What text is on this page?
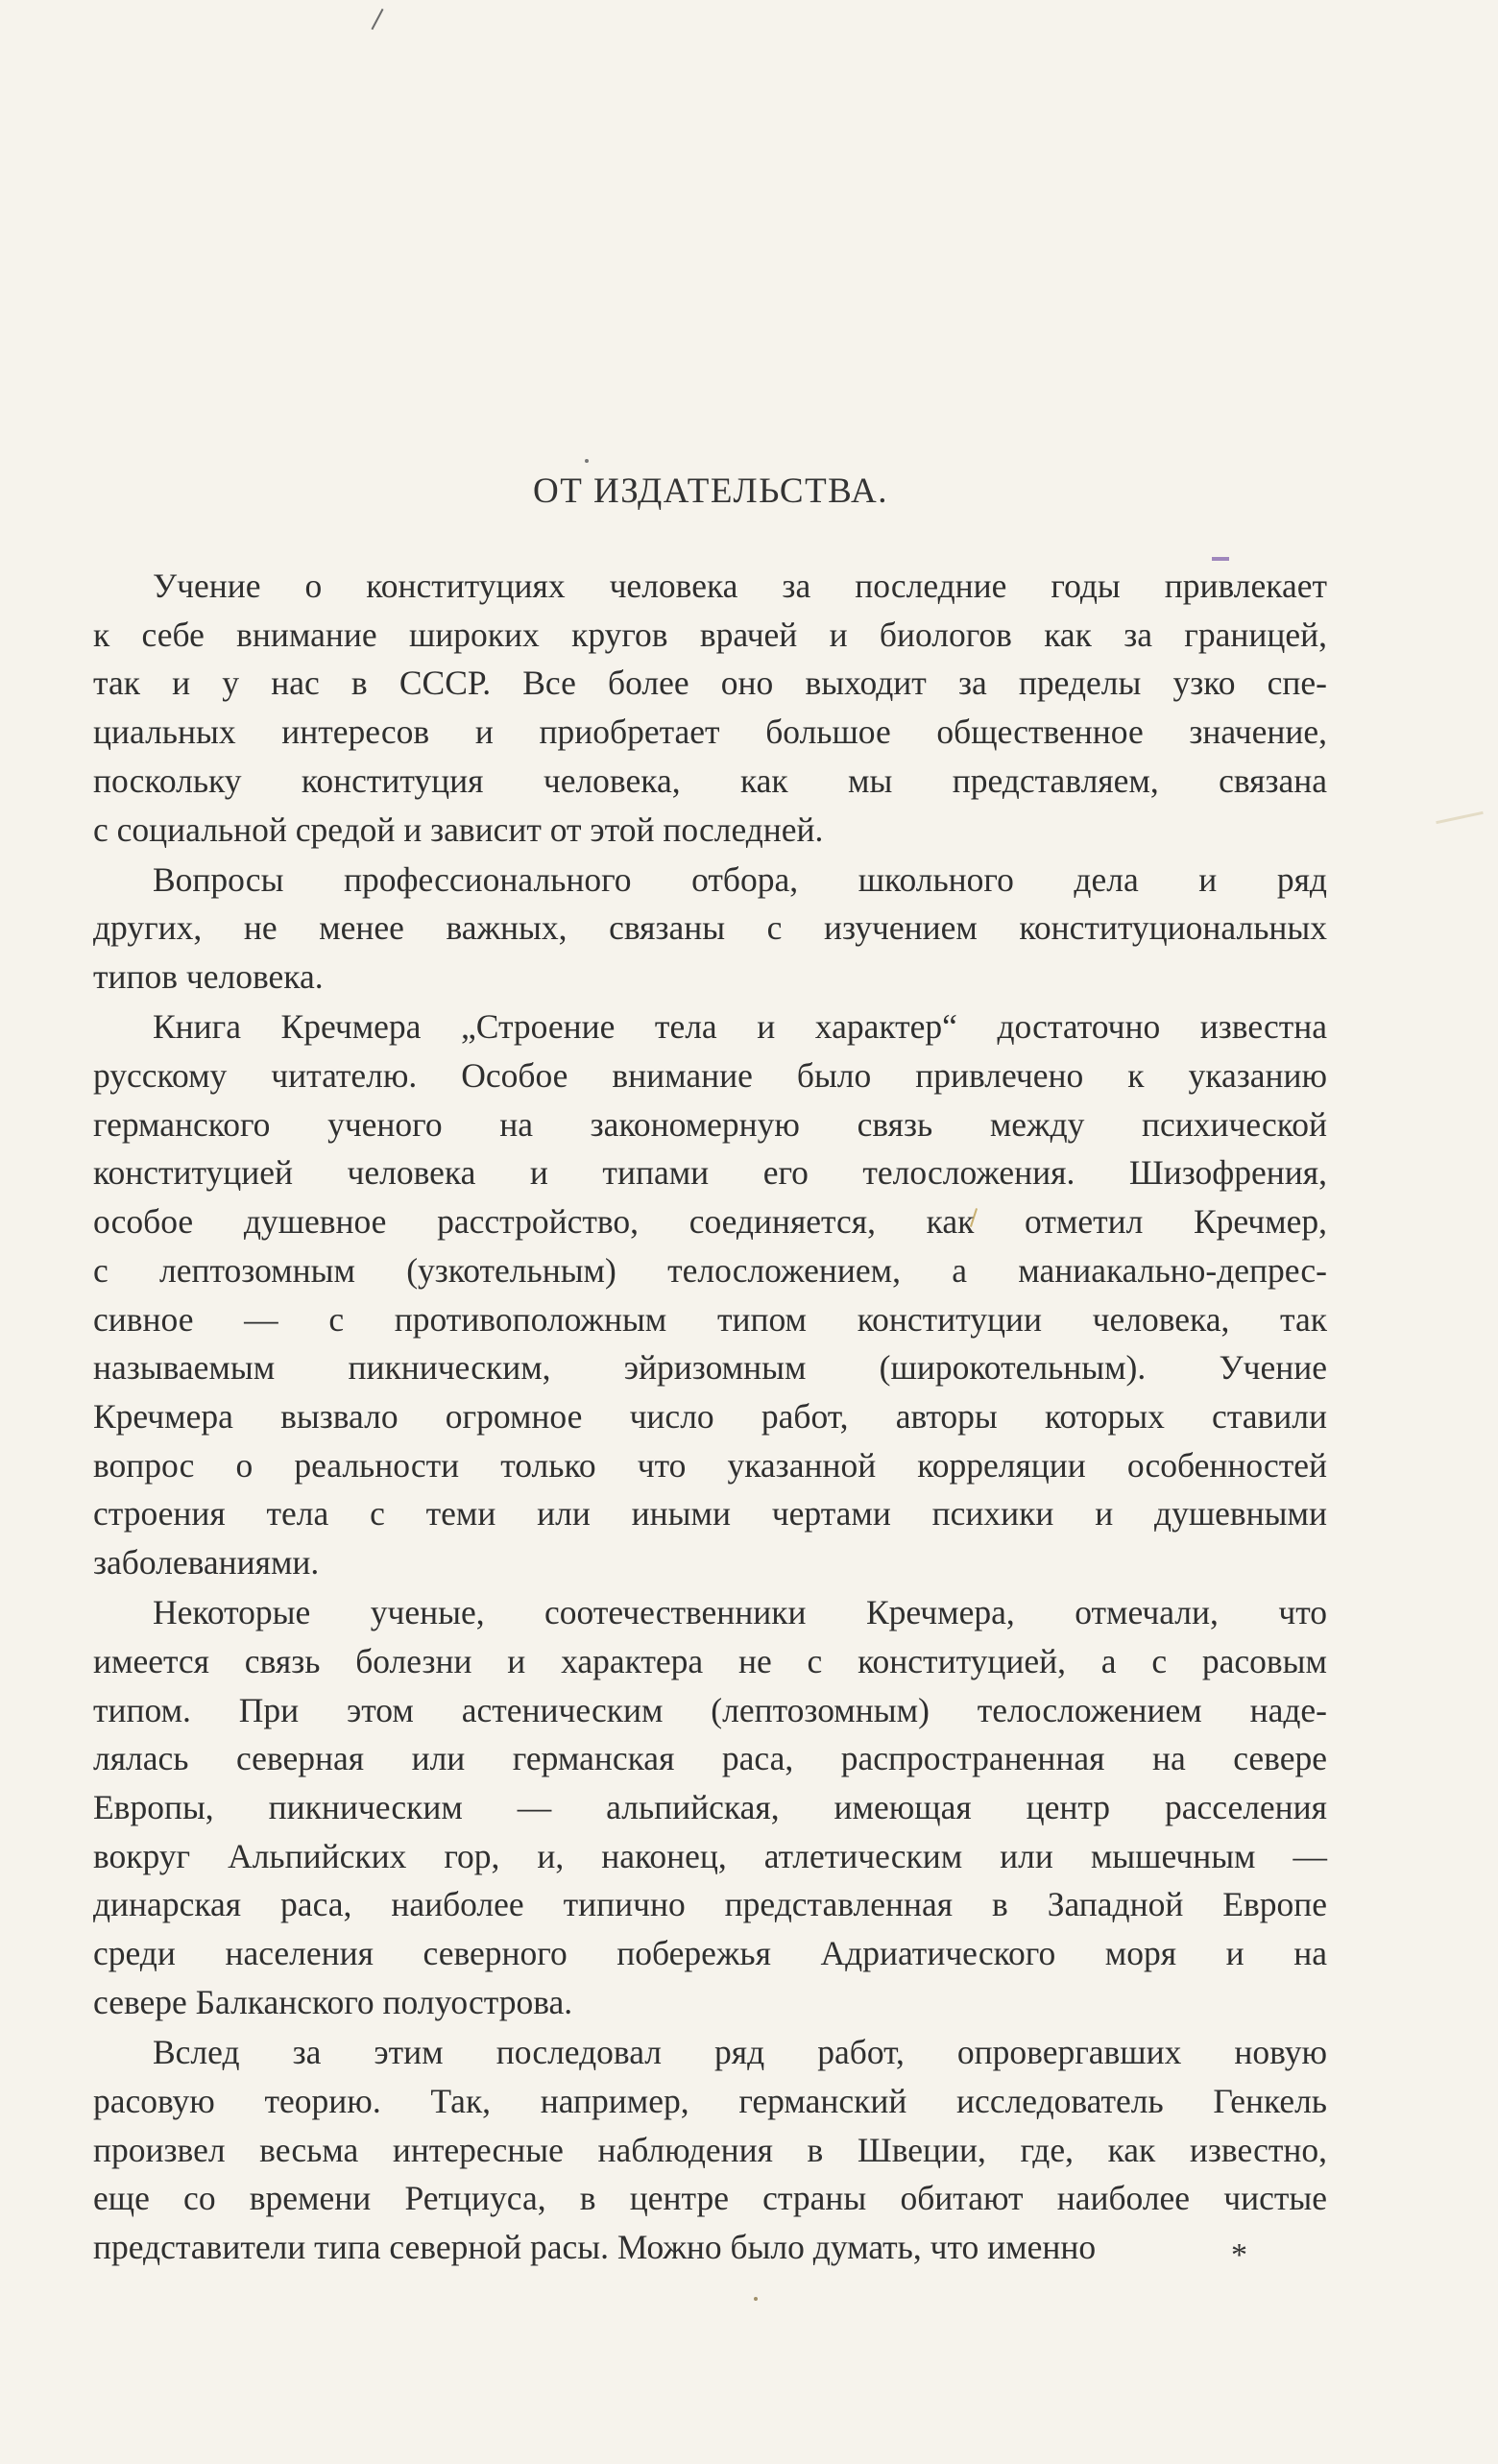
ОТ ИЗДАТЕЛЬСТВА.
Учение о конституциях человека за последние годы привлекает
к себе внимание широких кругов врачей и биологов как за границей,
так и у нас в СССР. Все более оно выходит за пределы узко спе-
циальных интересов и приобретает большое общественное значение,
поскольку конституция человека, как мы представляем, связана
с социальной средой и зависит от этой последней.
Вопросы профессионального отбора, школьного дела и ряд
других, не менее важных, связаны с изучением конституциональных
типов человека.
Книга Кречмера „Строение тела и характер“ достаточно известна
русскому читателю. Особое внимание было привлечено к указанию
германского ученого на закономерную связь между психической
конституцией человека и типами его телосложения. Шизофрения,
особое душевное расстройство, соединяется, как отметил Кречмер,
с лептозомным (узкотельным) телосложением, а маниакально-депрес-
сивное — с противоположным типом конституции человека, так
называемым пикническим, эйризомным (широкотельным). Учение
Кречмера вызвало огромное число работ, авторы которых ставили
вопрос о реальности только что указанной корреляции особенностей
строения тела с теми или иными чертами психики и душевными
заболеваниями.
Некоторые ученые, соотечественники Кречмера, отмечали, что
имеется связь болезни и характера не с конституцией, а с расовым
типом. При этом астеническим (лептозомным) телосложением наде-
лялась северная или германская раса, распространенная на севере
Европы, пикническим — альпийская, имеющая центр расселения
вокруг Альпийских гор, и, наконец, атлетическим или мышечным —
динарская раса, наиболее типично представленная в Западной Европе
среди населения северного побережья Адриатического моря и на
севере Балканского полуострова.
Вслед за этим последовал ряд работ, опровергавших новую
расовую теорию. Так, например, германский исследователь Генкель
произвел весьма интересные наблюдения в Швеции, где, как известно,
еще со времени Ретциуса, в центре страны обитают наиболее чистые
представители типа северной расы. Можно было думать, что именно	*
